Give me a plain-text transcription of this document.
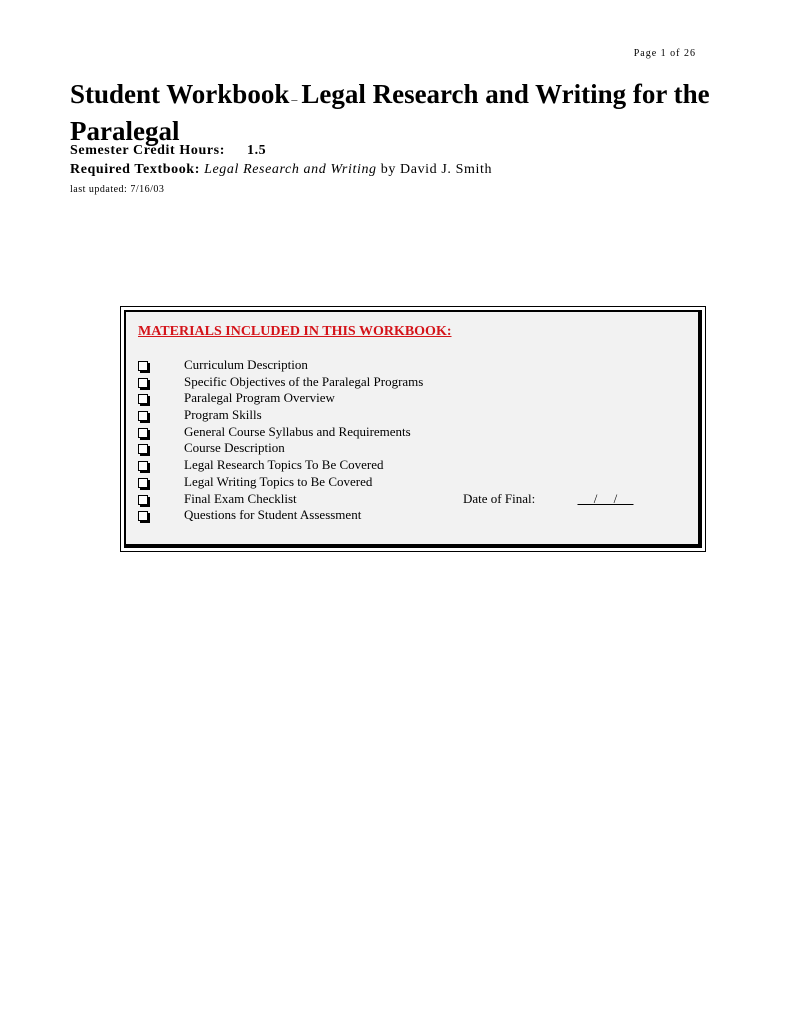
Page 1 of 26
Student Workbook – Legal Research and Writing for the Paralegal
Semester Credit Hours: 1.5
Required Textbook: Legal Research and Writing by David J. Smith
last updated: 7/16/03
MATERIALS INCLUDED IN THIS WORKBOOK:
Curriculum Description
Specific Objectives of the Paralegal Programs
Paralegal Program Overview
Program Skills
General Course Syllabus and Requirements
Course Description
Legal Research Topics To Be Covered
Legal Writing Topics to Be Covered
Final Exam Checklist	Date of Final:	/     /
Questions for Student Assessment
